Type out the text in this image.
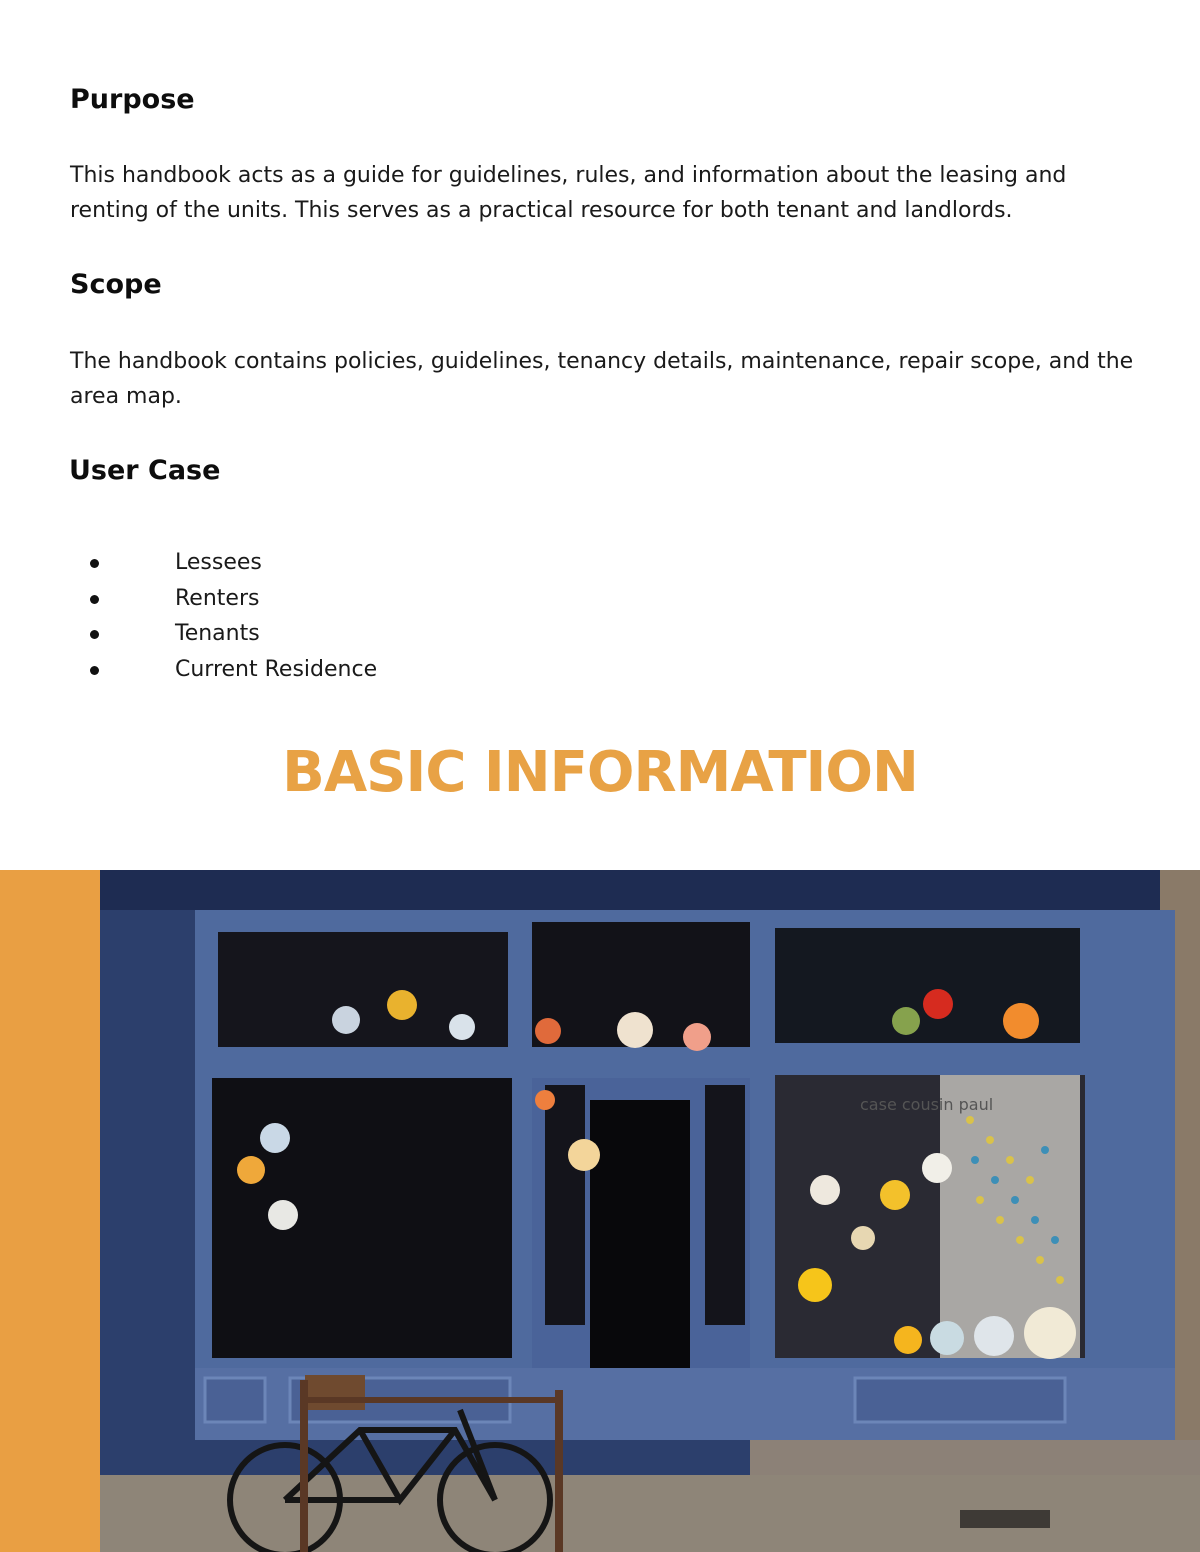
Purpose

This handbook acts as a guide for guidelines, rules, and information about the leasing and renting of the units. This serves as a practical resource for both tenant and landlords.

Scope

The handbook contains policies, guidelines, tenancy details, maintenance, repair scope, and the area map.

User Case
Lessees
Renters
Tenants
Current Residence
BASIC INFORMATION
case cousin paul
